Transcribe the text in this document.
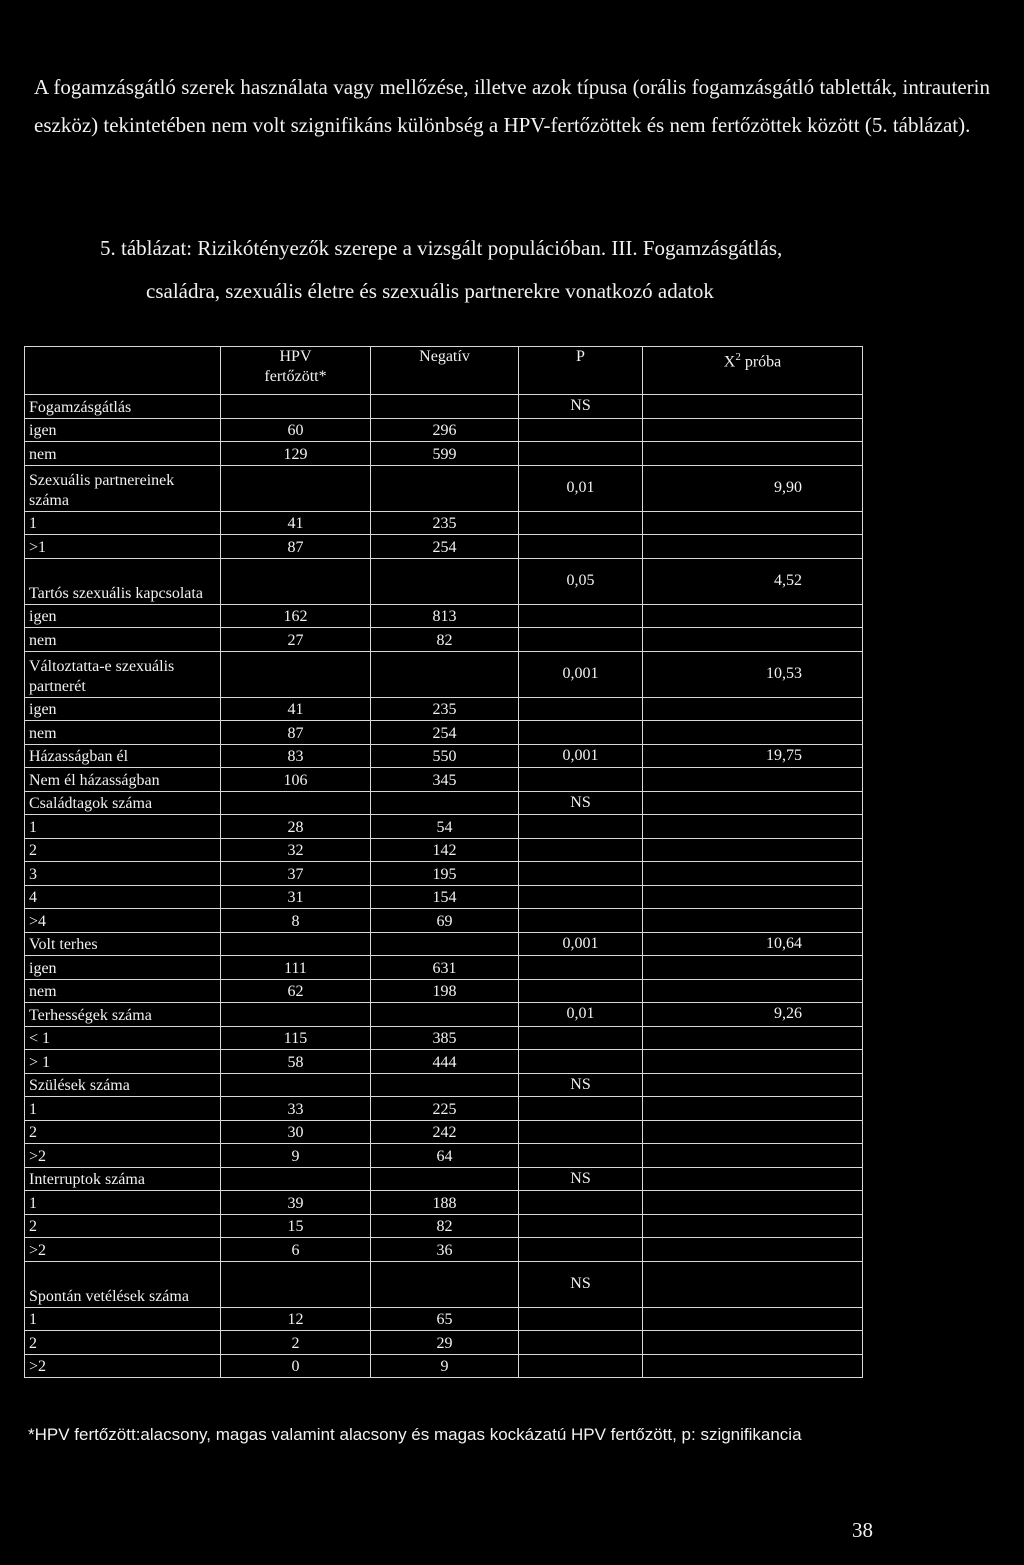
A fogamzásgátló szerek használata vagy mellőzése, illetve azok típusa (orális fogamzásgátló tabletták, intrauterin eszköz) tekintetében nem volt szignifikáns különbség a HPV-fertőzöttek és nem fertőzöttek között (5. táblázat).

5. táblázat: Rizikótényezők szerepe a vizsgált populációban. III. Fogamzásgátlás,

családra, szexuális életre és szexuális partnerekre vonatkozó adatok

	HPV
fertőzött*	Negatív	P	$X^2$ próba
Fogamzásgátlás			NS	
igen	60	296		
nem	129	599		
Szexuális partnereinek száma			0,01	9,90
1	41	235		
>1	87	254		
Tartós szexuális kapcsolata			0,05	4,52
igen	162	813		
nem	27	82		
Változtatta-e szexuális partnerét			0,001	10,53
igen	41	235		
nem	87	254		
Házasságban él	83	550	0,001	19,75
Nem él házasságban	106	345		
Családtagok száma			NS	
1	28	54		
2	32	142		
3	37	195		
4	31	154		
>4	8	69		
Volt terhes			0,001	10,64
igen	111	631		
nem	62	198		
Terhességek száma			0,01	9,26
< 1	115	385		
> 1	58	444		
Szülések száma			NS	
1	33	225		
2	30	242		
>2	9	64		
Interruptok száma			NS	
1	39	188		
2	15	82		
>2	6	36		
Spontán vetélések száma			NS	
1	12	65		
2	2	29		
>2	0	9		

*HPV fertőzött:alacsony, magas valamint alacsony és magas kockázatú HPV fertőzött, p: szignifikancia

38
